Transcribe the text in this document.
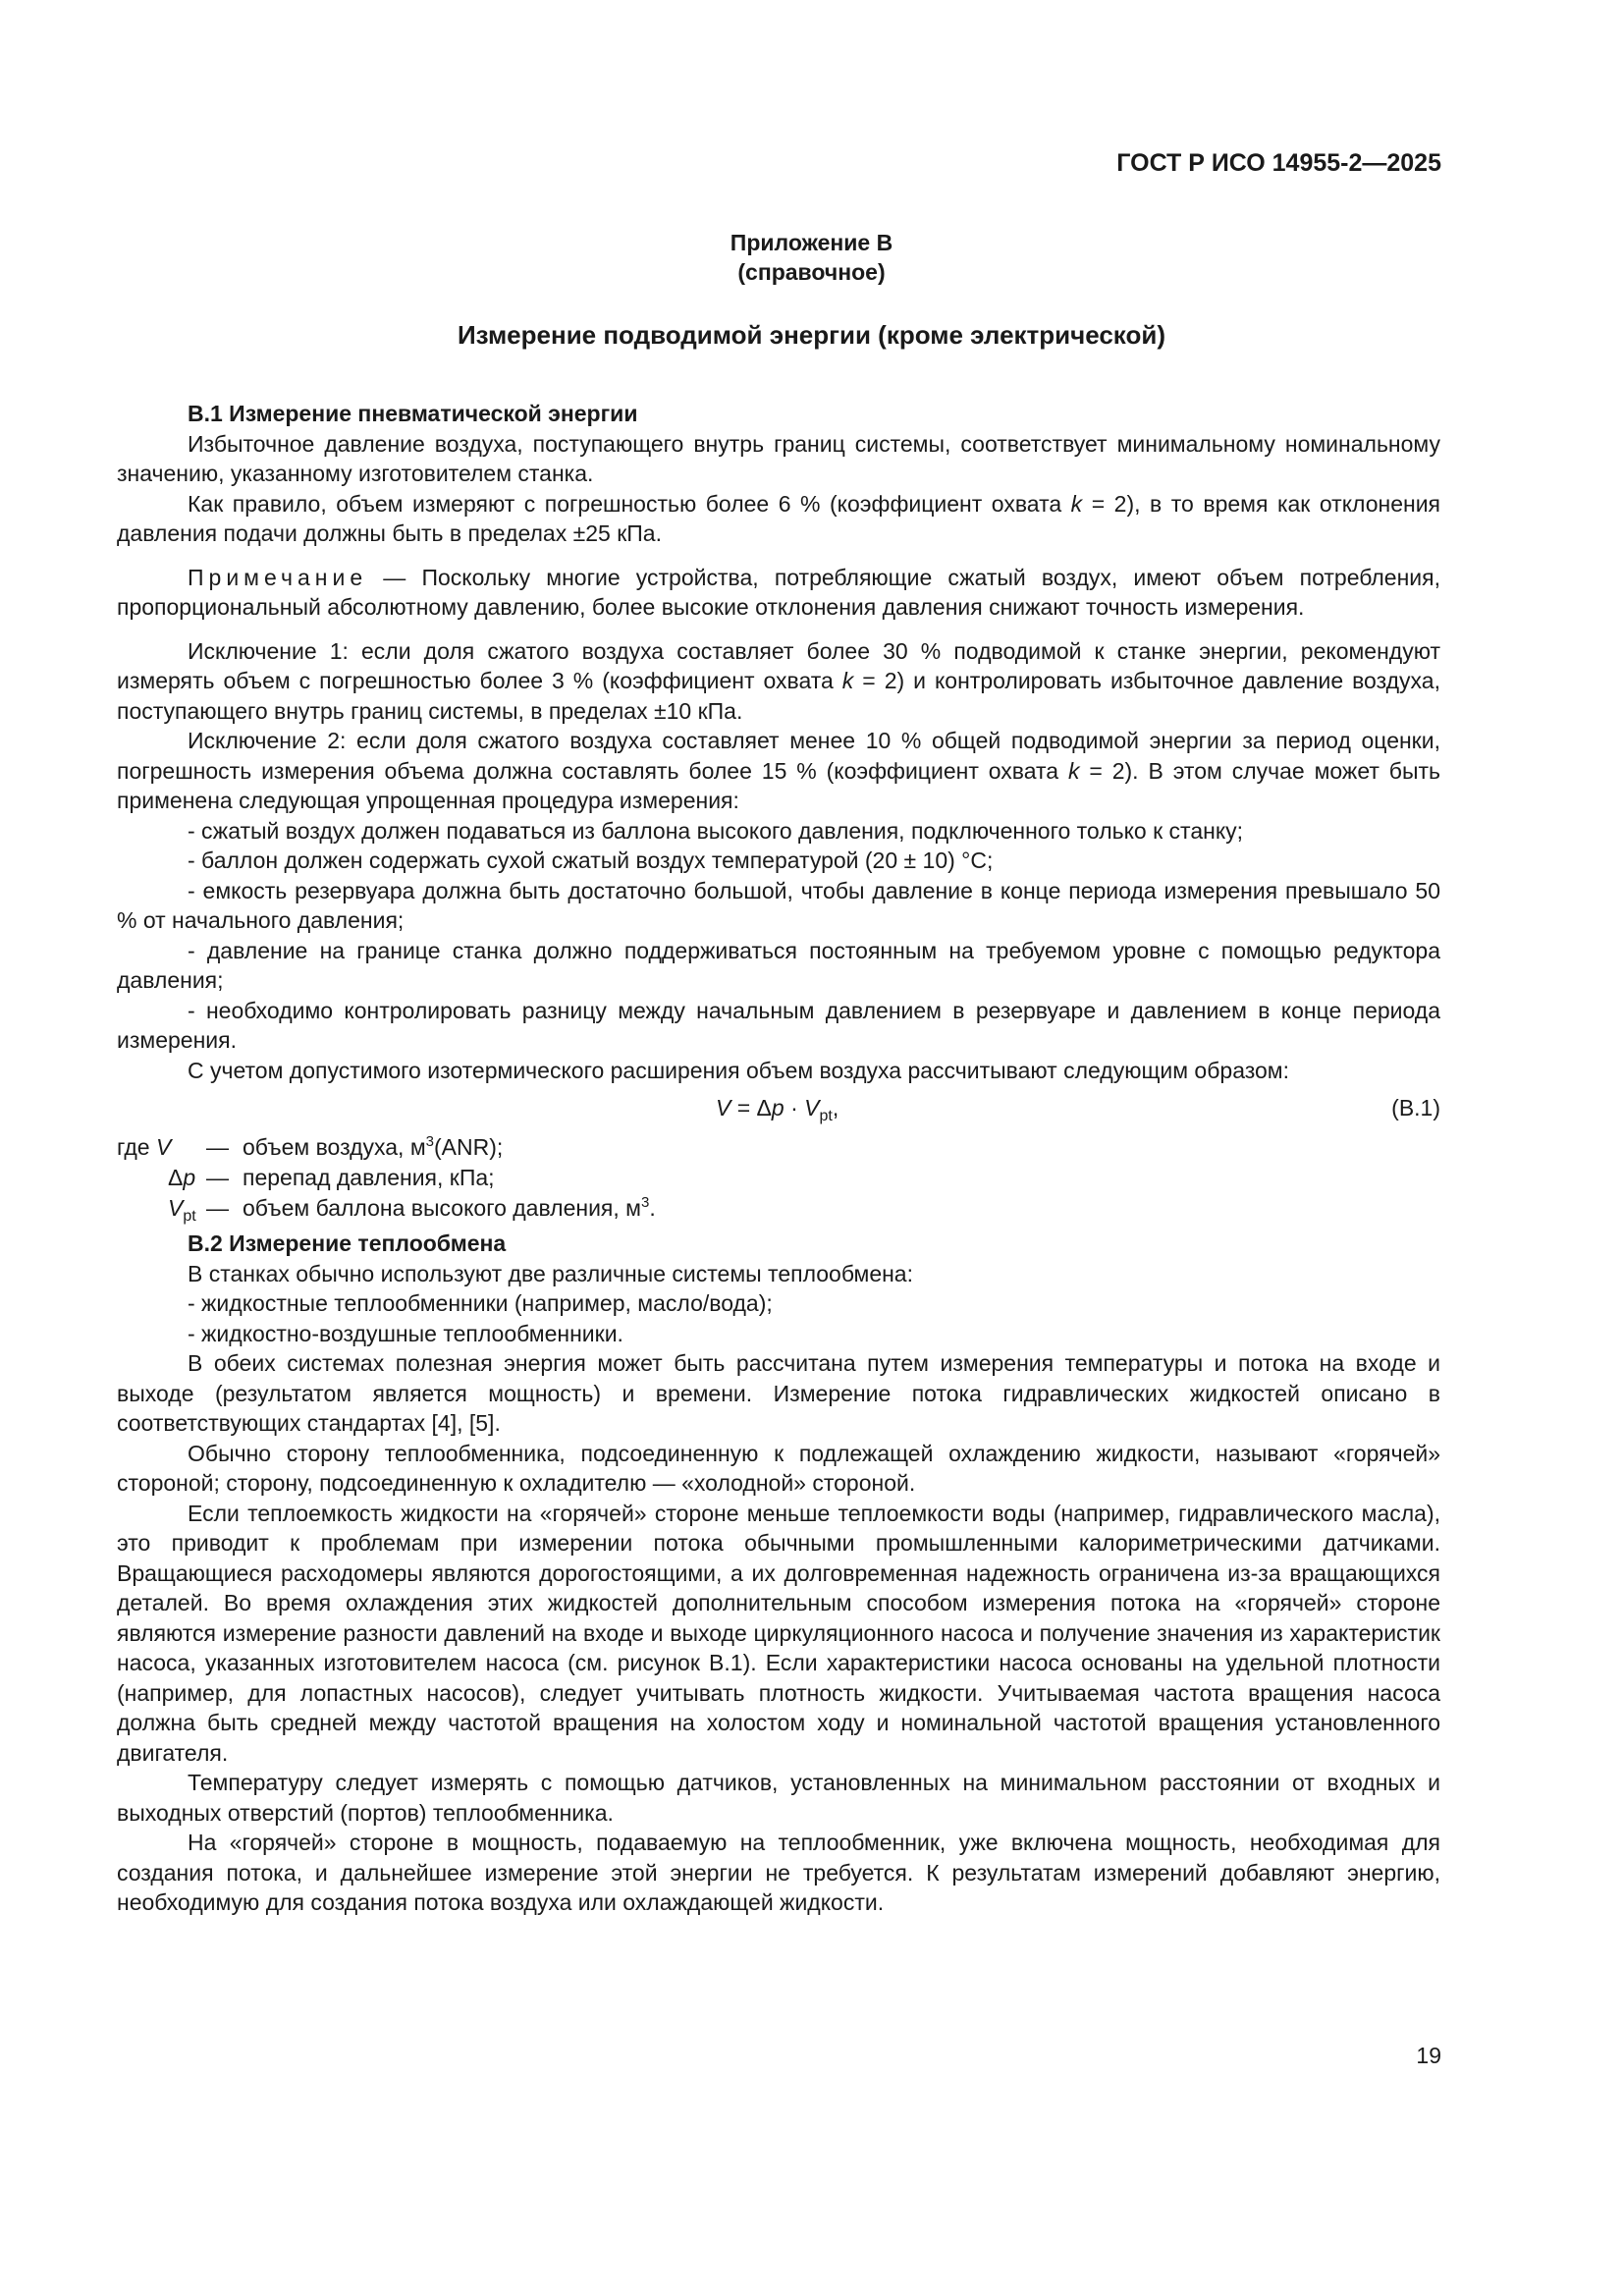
ГОСТ Р ИСО 14955-2—2025
Приложение В
(справочное)
Измерение подводимой энергии (кроме электрической)

В.1 Измерение пневматической энергии

Избыточное давление воздуха, поступающего внутрь границ системы, соответствует минимальному номинальному значению, указанному изготовителем станка.

Как правило, объем измеряют с погрешностью более 6 % (коэффициент охвата k = 2), в то время как отклонения давления подачи должны быть в пределах ±25 кПа.

Примечание — Поскольку многие устройства, потребляющие сжатый воздух, имеют объем потребления, пропорциональный абсолютному давлению, более высокие отклонения давления снижают точность измерения.

Исключение 1: если доля сжатого воздуха составляет более 30 % подводимой к станке энергии, рекомендуют измерять объем с погрешностью более 3 % (коэффициент охвата k = 2) и контролировать избыточное давление воздуха, поступающего внутрь границ системы, в пределах ±10 кПа.

Исключение 2: если доля сжатого воздуха составляет менее 10 % общей подводимой энергии за период оценки, погрешность измерения объема должна составлять более 15 % (коэффициент охвата k = 2). В этом случае может быть применена следующая упрощенная процедура измерения:

- сжатый воздух должен подаваться из баллона высокого давления, подключенного только к станку;

- баллон должен содержать сухой сжатый воздух температурой (20 ± 10) °С;

- емкость резервуара должна быть достаточно большой, чтобы давление в конце периода измерения превышало 50 % от начального давления;

- давление на границе станка должно поддерживаться постоянным на требуемом уровне с помощью редуктора давления;

- необходимо контролировать разницу между начальным давлением в резервуаре и давлением в конце периода измерения.

С учетом допустимого изотермического расширения объем воздуха рассчитывают следующим образом:

$V = \Delta p \cdot V_{pt}$,	(В.1)
где V — объем воздуха, $м^3(ANR)$;
Δp — перепад давления, кПа;
$V_{pt}$ — объем баллона высокого давления, $м^3$.

В.2 Измерение теплообмена

В станках обычно используют две различные системы теплообмена:

- жидкостные теплообменники (например, масло/вода);

- жидкостно-воздушные теплообменники.

В обеих системах полезная энергия может быть рассчитана путем измерения температуры и потока на входе и выходе (результатом является мощность) и времени. Измерение потока гидравлических жидкостей описано в соответствующих стандартах [4], [5].

Обычно сторону теплообменника, подсоединенную к подлежащей охлаждению жидкости, называют «горячей» стороной; сторону, подсоединенную к охладителю — «холодной» стороной.

Если теплоемкость жидкости на «горячей» стороне меньше теплоемкости воды (например, гидравлического масла), это приводит к проблемам при измерении потока обычными промышленными калориметрическими датчиками. Вращающиеся расходомеры являются дорогостоящими, а их долговременная надежность ограничена из-за вращающихся деталей. Во время охлаждения этих жидкостей дополнительным способом измерения потока на «горячей» стороне являются измерение разности давлений на входе и выходе циркуляционного насоса и получение значения из характеристик насоса, указанных изготовителем насоса (см. рисунок В.1). Если характеристики насоса основаны на удельной плотности (например, для лопастных насосов), следует учитывать плотность жидкости. Учитываемая частота вращения насоса должна быть средней между частотой вращения на холостом ходу и номинальной частотой вращения установленного двигателя.

Температуру следует измерять с помощью датчиков, установленных на минимальном расстоянии от входных и выходных отверстий (портов) теплообменника.

На «горячей» стороне в мощность, подаваемую на теплообменник, уже включена мощность, необходимая для создания потока, и дальнейшее измерение этой энергии не требуется. К результатам измерений добавляют энергию, необходимую для создания потока воздуха или охлаждающей жидкости.

19
